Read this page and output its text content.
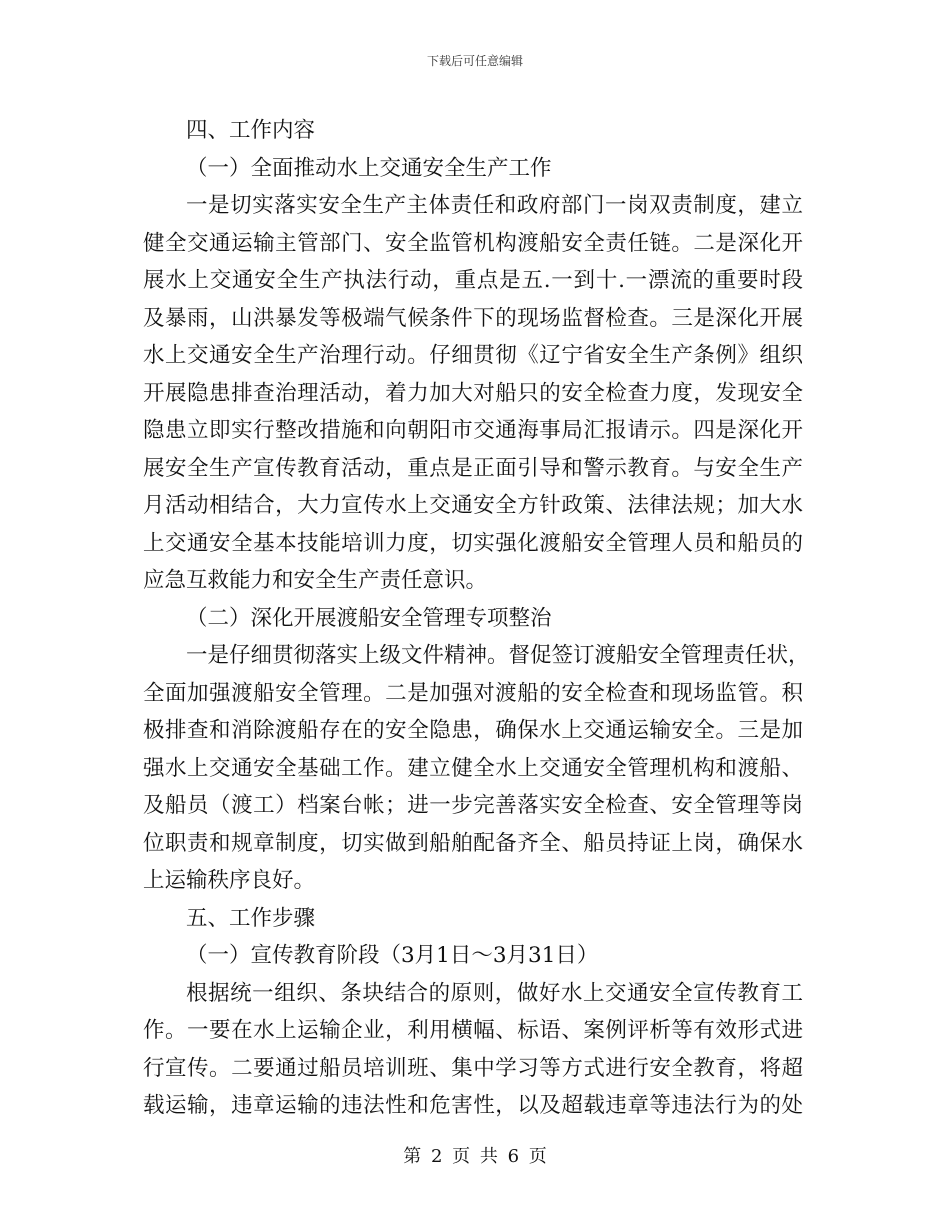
下载后可任意编辑
四、工作内容
（一）全面推动水上交通安全生产工作
一是切实落实安全生产主体责任和政府部门一岗双责制度，建立
健全交通运输主管部门、安全监管机构渡船安全责任链。二是深化开
展水上交通安全生产执法行动，重点是五.一到十.一漂流的重要时段
及暴雨，山洪暴发等极端气候条件下的现场监督检查。三是深化开展
水上交通安全生产治理行动。仔细贯彻《辽宁省安全生产条例》组织
开展隐患排查治理活动，着力加大对船只的安全检查力度，发现安全
隐患立即实行整改措施和向朝阳市交通海事局汇报请示。四是深化开
展安全生产宣传教育活动，重点是正面引导和警示教育。与安全生产
月活动相结合，大力宣传水上交通安全方针政策、法律法规；加大水
上交通安全基本技能培训力度，切实强化渡船安全管理人员和船员的
应急互救能力和安全生产责任意识。
（二）深化开展渡船安全管理专项整治
一是仔细贯彻落实上级文件精神。督促签订渡船安全管理责任状，
全面加强渡船安全管理。二是加强对渡船的安全检查和现场监管。积
极排查和消除渡船存在的安全隐患，确保水上交通运输安全。三是加
强水上交通安全基础工作。建立健全水上交通安全管理机构和渡船、
及船员（渡工）档案台帐；进一步完善落实安全检查、安全管理等岗
位职责和规章制度，切实做到船舶配备齐全、船员持证上岗，确保水
上运输秩序良好。
五、工作步骤
（一）宣传教育阶段（3月1日～3月31日）
根据统一组织、条块结合的原则，做好水上交通安全宣传教育工
作。一要在水上运输企业，利用横幅、标语、案例评析等有效形式进
行宣传。二要通过船员培训班、集中学习等方式进行安全教育，将超
载运输，违章运输的违法性和危害性，以及超载违章等违法行为的处
第 2 页 共 6 页
